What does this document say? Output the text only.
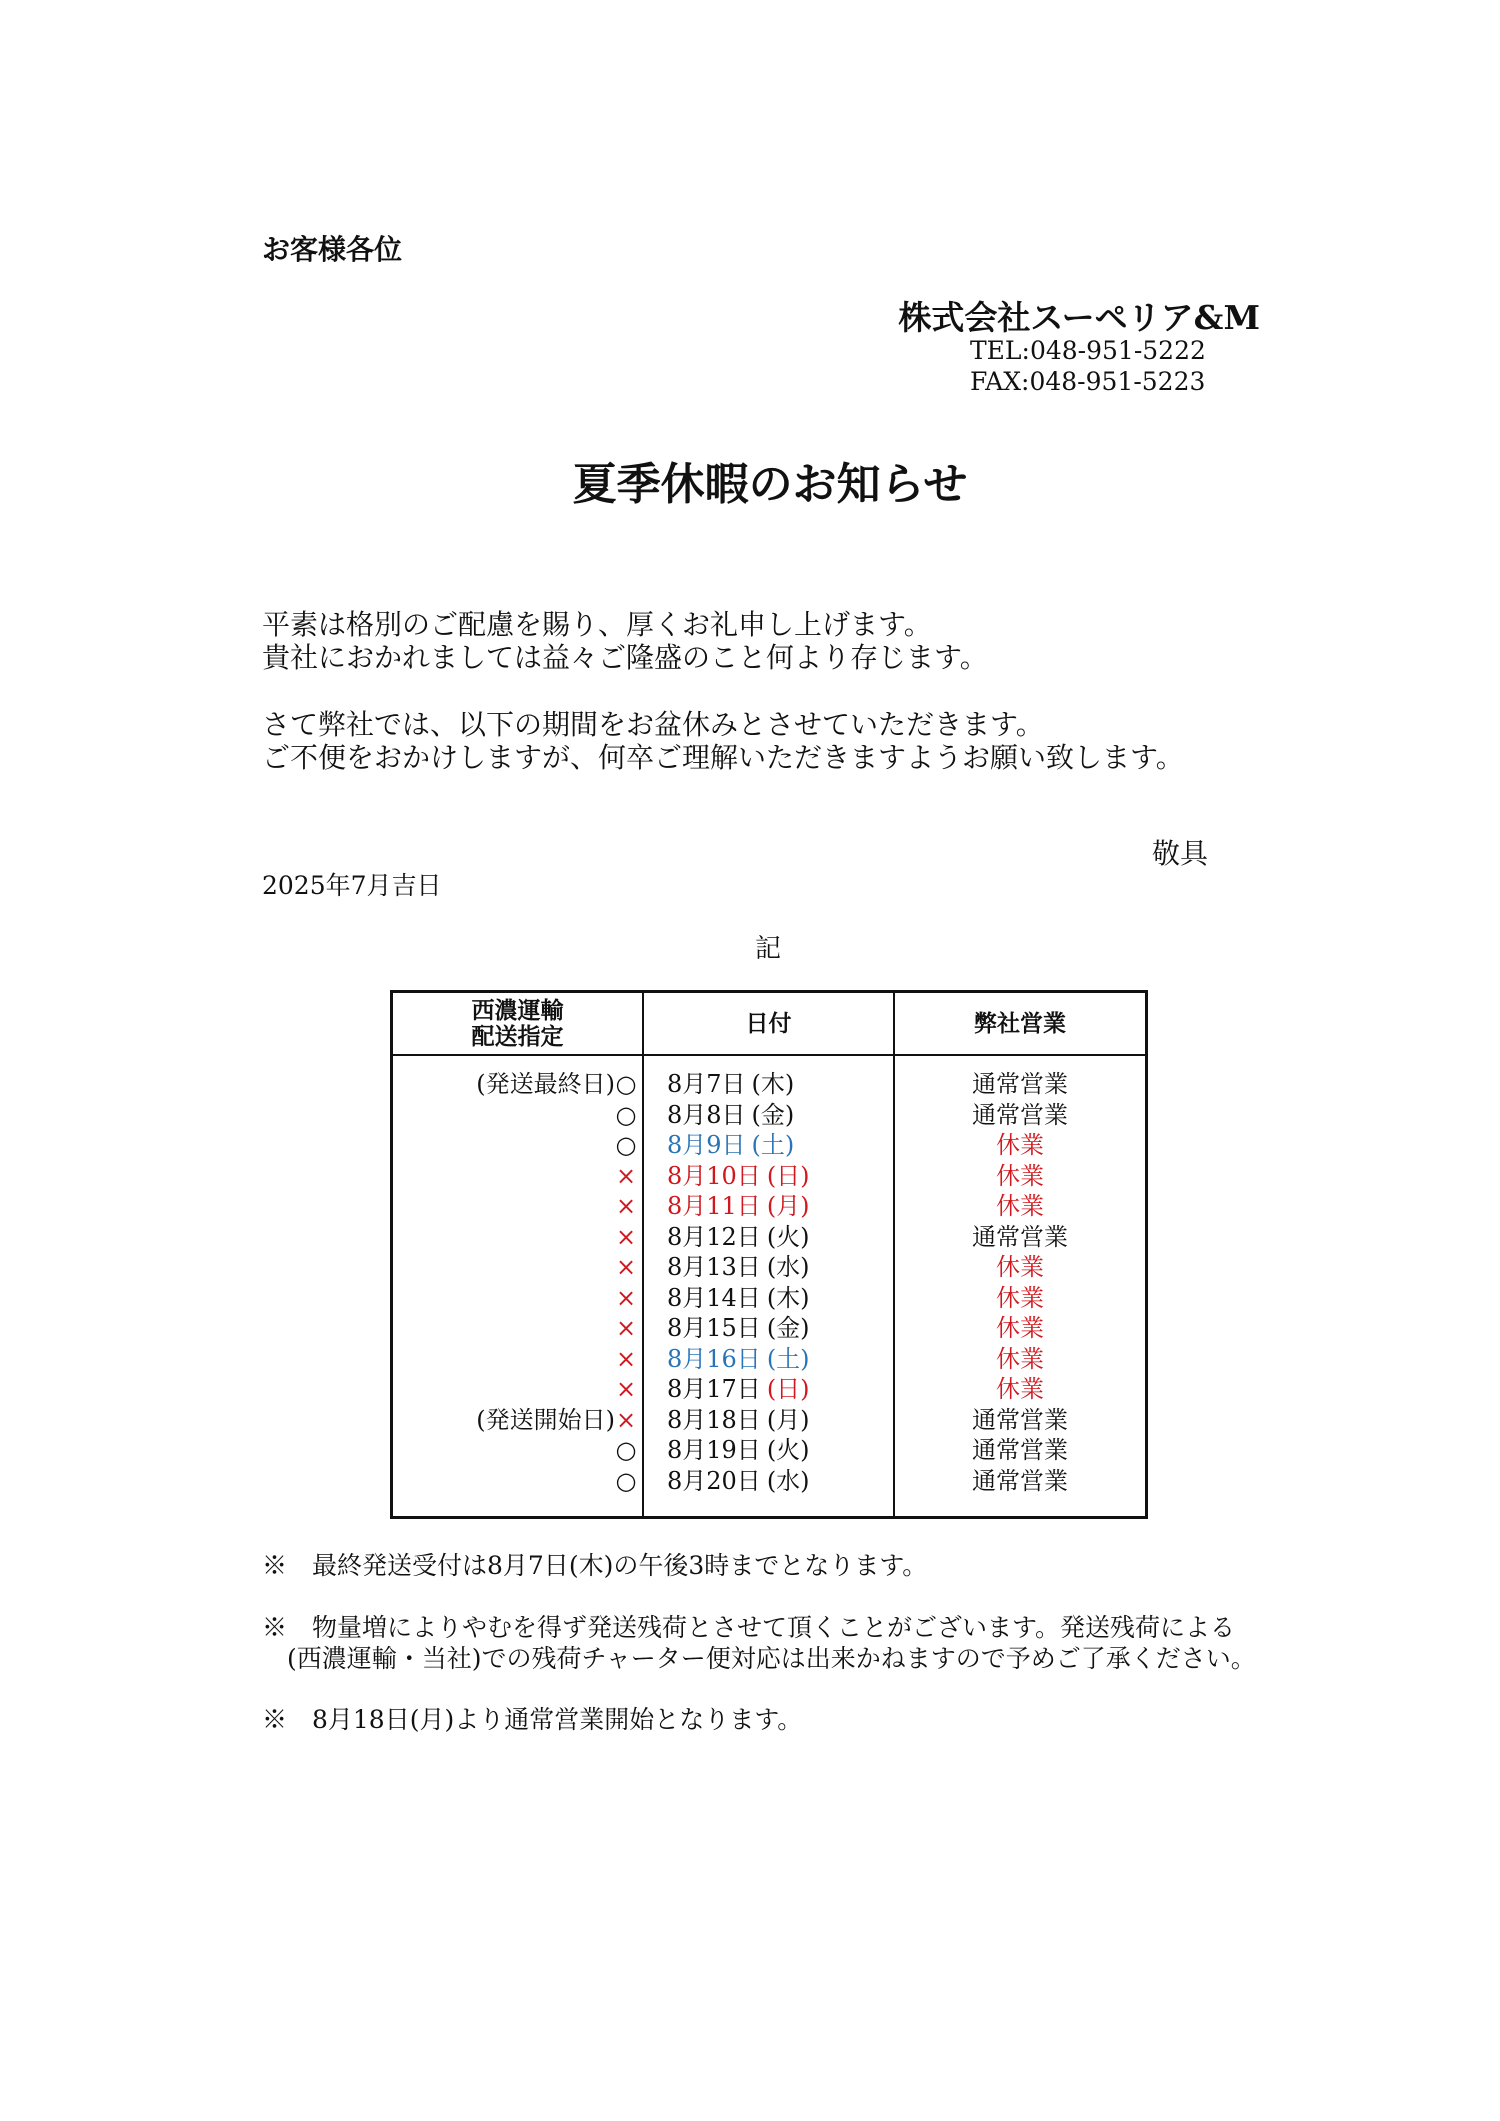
お客様各位
株式会社スーペリア&M
TEL:048-951-5222
FAX:048-951-5223
夏季休暇のお知らせ
平素は格別のご配慮を賜り、厚くお礼申し上げます。
貴社におかれましては益々ご隆盛のこと何より存じます。
さて弊社では、以下の期間をお盆休みとさせていただきます。
ご不便をおかけしますが、何卒ご理解いただきますようお願い致します。
敬具
2025年7月吉日
記
西濃運輸
配送指定	日付	弊社営業
(発送最終日) ○ 8月7日 (木)	通常営業
○ 8月8日 (金)	通常営業
○ 8月9日 (土)	休業
× 8月10日 (日)	休業
× 8月11日 (月)	休業
× 8月12日 (火)	通常営業
× 8月13日 (水)	休業
× 8月14日 (木)	休業
× 8月15日 (金)	休業
× 8月16日 (土)	休業
× 8月17日 (日)	休業
(発送開始日) × 8月18日 (月)	通常営業
○ 8月19日 (火)	通常営業
○ 8月20日 (水)	通常営業
※　最終発送受付は8月7日(木)の午後3時までとなります。
※　物量増によりやむを得ず発送残荷とさせて頂くことがございます。発送残荷による
　(西濃運輸・当社)での残荷チャーター便対応は出来かねますので予めご了承ください。
※　8月18日(月)より通常営業開始となります。
